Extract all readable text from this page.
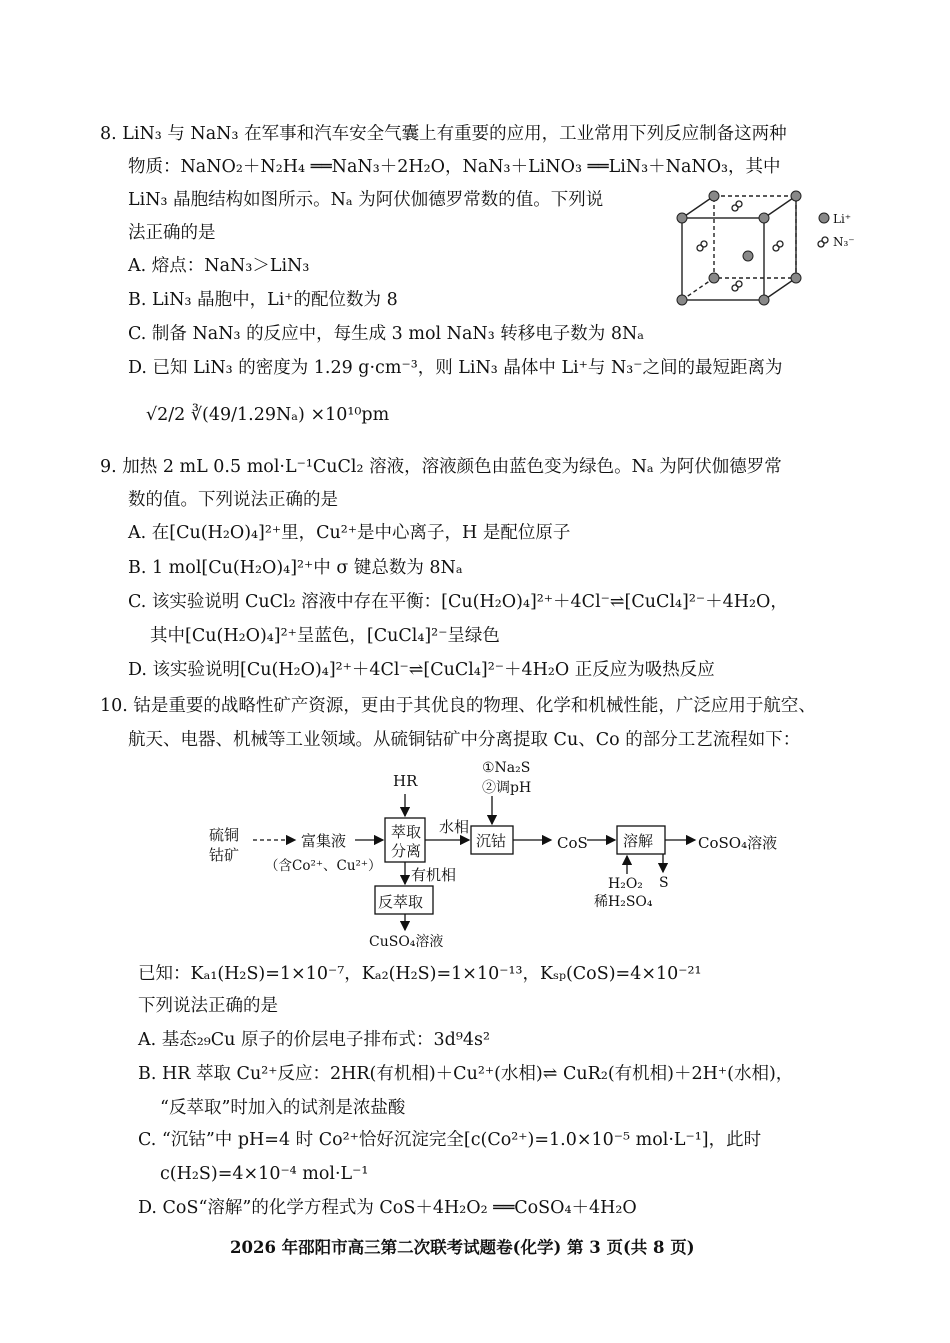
8. LiN₃ 与 NaN₃ 在军事和汽车安全气囊上有重要的应用，工业常用下列反应制备这两种
物质：NaNO₂＋N₂H₄ ══NaN₃＋2H₂O，NaN₃＋LiNO₃ ══LiN₃＋NaNO₃，其中
LiN₃ 晶胞结构如图所示。Nₐ 为阿伏伽德罗常数的值。下列说
法正确的是
A. 熔点：NaN₃＞LiN₃
B. LiN₃ 晶胞中，Li⁺的配位数为 8
C. 制备 NaN₃ 的反应中，每生成 3 mol NaN₃ 转移电子数为 8Nₐ
D. 已知 LiN₃ 的密度为 1.29 g·cm⁻³，则 LiN₃ 晶体中 Li⁺与 N₃⁻之间的最短距离为
√2/2 ∛(49/1.29Nₐ) ×10¹⁰pm
Li⁺
N₃⁻
9. 加热 2 mL 0.5 mol·L⁻¹CuCl₂ 溶液，溶液颜色由蓝色变为绿色。Nₐ 为阿伏伽德罗常
数的值。下列说法正确的是
A. 在[Cu(H₂O)₄]²⁺里，Cu²⁺是中心离子，H 是配位原子
B. 1 mol[Cu(H₂O)₄]²⁺中 σ 键总数为 8Nₐ
C. 该实验说明 CuCl₂ 溶液中存在平衡：[Cu(H₂O)₄]²⁺＋4Cl⁻⇌[CuCl₄]²⁻＋4H₂O，
其中[Cu(H₂O)₄]²⁺呈蓝色，[CuCl₄]²⁻呈绿色
D. 该实验说明[Cu(H₂O)₄]²⁺＋4Cl⁻⇌[CuCl₄]²⁻＋4H₂O 正反应为吸热反应
10. 钴是重要的战略性矿产资源，更由于其优良的物理、化学和机械性能，广泛应用于航空、
航天、电器、机械等工业领域。从硫铜钴矿中分离提取 Cu、Co 的部分工艺流程如下：
硫铜
钴矿
富集液
（含Co²⁺、Cu²⁺）
HR
萃取
分离
水相
有机相
①Na₂S
②调pH
沉钴	CoS 溶解	CoSO₄溶液
H₂O₂
稀H₂SO₄
S
反萃取
CuSO₄溶液
已知：Kₐ₁(H₂S)=1×10⁻⁷，Kₐ₂(H₂S)=1×10⁻¹³，Kₛₚ(CoS)=4×10⁻²¹
下列说法正确的是
A. 基态₂₉Cu 原子的价层电子排布式：3d⁹4s²
B. HR 萃取 Cu²⁺反应：2HR(有机相)＋Cu²⁺(水相)⇌ CuR₂(有机相)＋2H⁺(水相)，
“反萃取”时加入的试剂是浓盐酸
C. “沉钴”中 pH=4 时 Co²⁺恰好沉淀完全[c(Co²⁺)=1.0×10⁻⁵ mol·L⁻¹]，此时
c(H₂S)=4×10⁻⁴ mol·L⁻¹
D. CoS“溶解”的化学方程式为 CoS＋4H₂O₂ ══CoSO₄＋4H₂O
2026 年邵阳市高三第二次联考试题卷(化学) 第 3 页(共 8 页)
